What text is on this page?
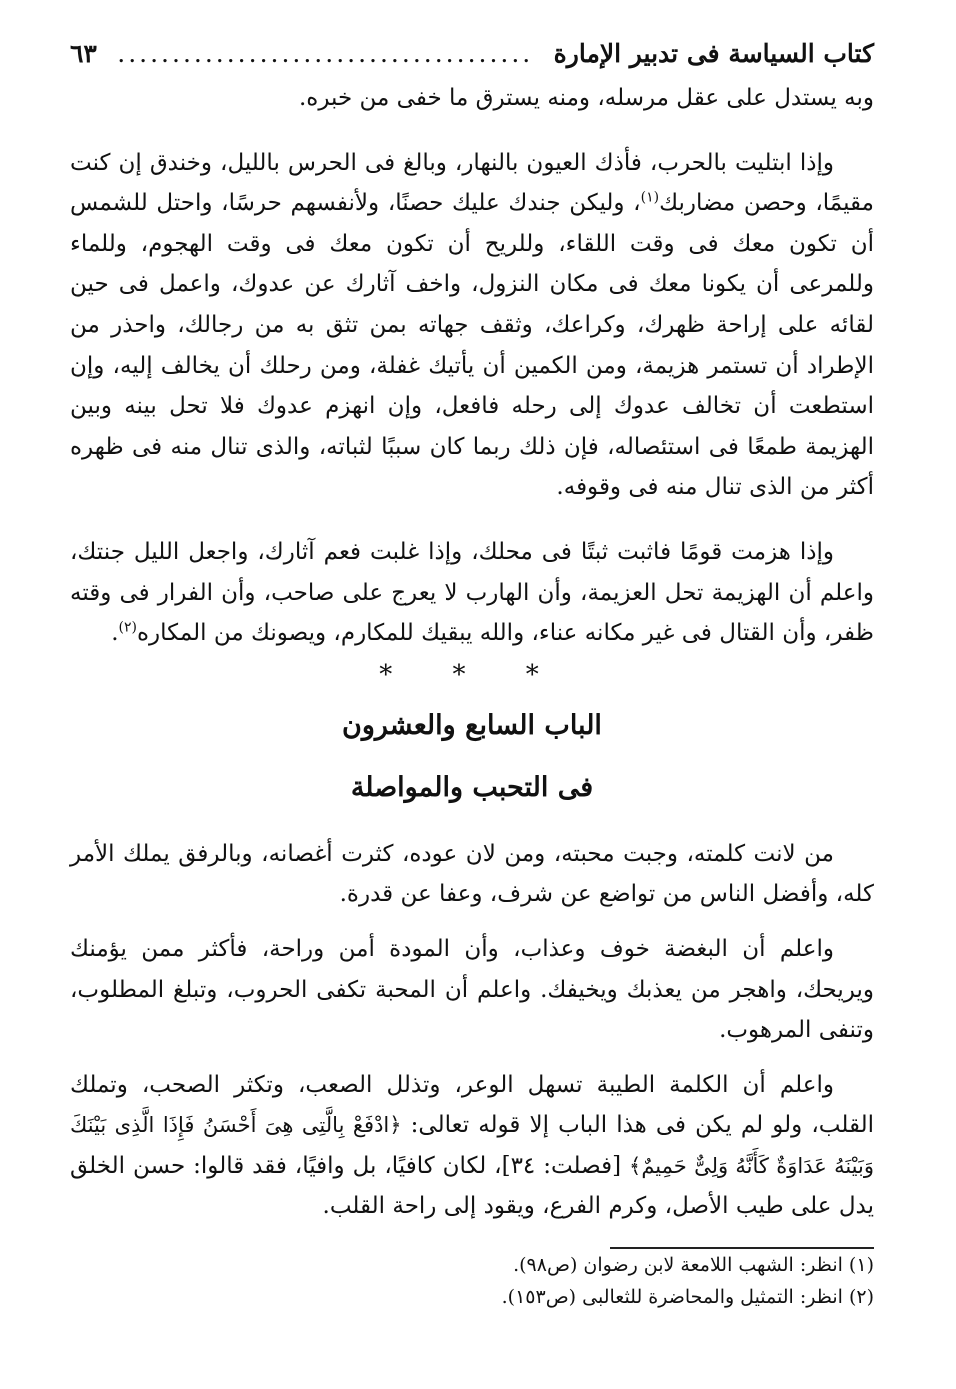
كتاب السياسة فى تدبير الإمارة
......................................
٦٣

وبه يستدل على عقل مرسله، ومنه يسترق ما خفى من خبره.

وإذا ابتليت بالحرب، فأذك العيون بالنهار، وبالغ فى الحرس بالليل، وخندق إن كنت مقيمًا، وحصن مضاربك$^{(١)}$، وليكن جندك عليك حصنًا، ولأنفسهم حرسًا، واحتل للشمس أن تكون معك فى وقت اللقاء، وللريح أن تكون معك فى وقت الهجوم، وللماء وللمرعى أن يكونا معك فى مكان النزول، واخف آثارك عن عدوك، واعمل فى حين لقائه على إراحة ظهرك، وكراعك، وثقف جهاته بمن تثق به من رجالك، واحذر من الإطراد أن تستمر هزيمة، ومن الكمين أن يأتيك غفلة، ومن رحلك أن يخالف إليه، وإن استطعت أن تخالف عدوك إلى رحله فافعل، وإن انهزم عدوك فلا تحل بينه وبين الهزيمة طمعًا فى استئصاله، فإن ذلك ربما كان سببًا لثباته، والذى تنال منه فى ظهره أكثر من الذى تنال منه فى وقوفه.

وإذا هزمت قومًا فاثبت ثبتًا فى محلك، وإذا غلبت فعم آثارك، واجعل الليل جنتك، واعلم أن الهزيمة تحل العزيمة، وأن الهارب لا يعرج على صاحب، وأن الفرار فى وقته ظفر، وأن القتال فى غير مكانه عناء، والله يبقيك للمكارم، ويصونك من المكاره$^{(٢)}$.

* * *
الباب السابع والعشرون
فى التحبب والمواصلة

من لانت كلمته، وجبت محبته، ومن لان عوده، كثرت أغصانه، وبالرفق يملك الأمر كله، وأفضل الناس من تواضع عن شرف، وعفا عن قدرة.

واعلم أن البغضة خوف وعذاب، وأن المودة أمن وراحة، فأكثر ممن يؤمنك ويريحك، واهجر من يعذبك ويخيفك. واعلم أن المحبة تكفى الحروب، وتبلغ المطلوب، وتنفى المرهوب.

واعلم أن الكلمة الطيبة تسهل الوعر، وتذلل الصعب، وتكثر الصحب، وتملك القلب، ولو لم يكن فى هذا الباب إلا قوله تعالى: ﴿ادْفَعْ بِالَّتِى هِىَ أَحْسَنُ فَإِذَا الَّذِى بَيْنَكَ وَبَيْنَهُ عَدَاوَةٌ كَأَنَّهُ وَلِىٌّ حَمِيمٌ﴾ [فصلت: ٣٤]، لكان كافيًا، بل وافيًا، فقد قالوا: حسن الخلق يدل على طيب الأصل، وكرم الفرع، ويقود إلى راحة القلب.

(١) انظر: الشهب اللامعة لابن رضوان (ص٩٨).

(٢) انظر: التمثيل والمحاضرة للثعالبى (ص١٥٣).
